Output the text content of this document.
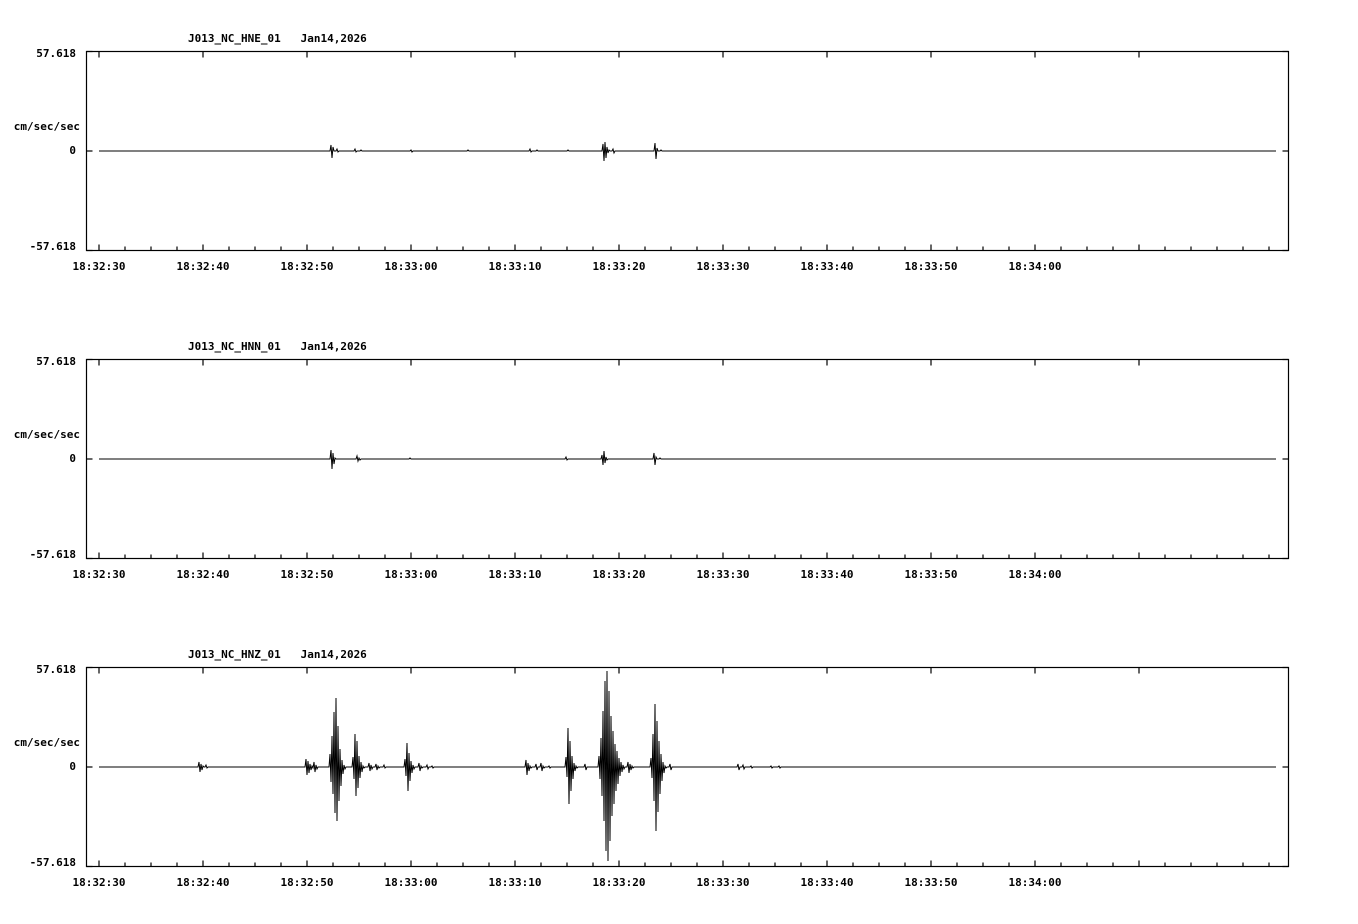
J013_NC_HNE_01   Jan14,2026
57.618
cm/sec/sec
0
-57.618
18:32:30	18:32:40	18:32:50	18:33:00	18:33:10	18:33:20	18:33:30	18:33:40	18:33:50	18:34:00
J013_NC_HNN_01   Jan14,2026
57.618
cm/sec/sec
0
-57.618
18:32:30	18:32:40	18:32:50	18:33:00	18:33:10	18:33:20	18:33:30	18:33:40	18:33:50	18:34:00
J013_NC_HNZ_01   Jan14,2026
57.618
cm/sec/sec
0
-57.618
18:32:30	18:32:40	18:32:50	18:33:00	18:33:10	18:33:20	18:33:30	18:33:40	18:33:50	18:34:00
